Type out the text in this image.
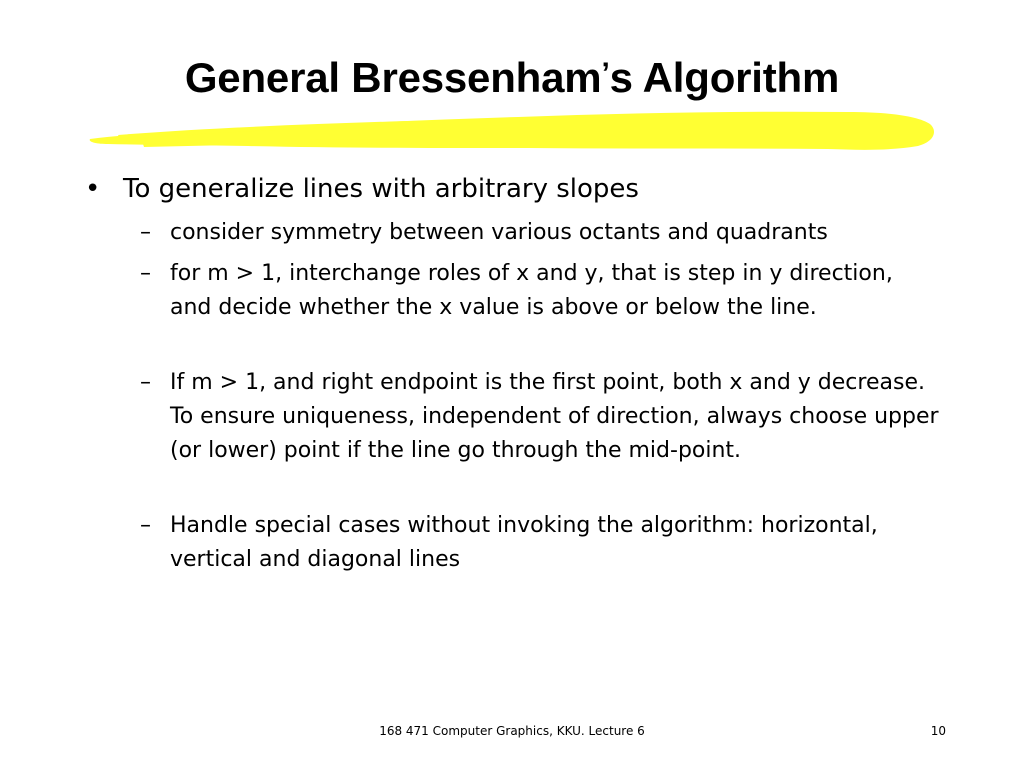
General Bressenham’s Algorithm
• To generalize lines with arbitrary slopes
– consider symmetry between various octants and quadrants
– for m > 1, interchange roles of x and y, that is step in y direction, and decide whether the x value is above or below the line.
– If m > 1, and right endpoint is the first point, both x and y decrease. To ensure uniqueness, independent of direction, always choose upper (or lower) point if the line go through the mid-point.
– Handle special cases without invoking the algorithm: horizontal, vertical and diagonal lines
168 471 Computer Graphics, KKU. Lecture 6	10
